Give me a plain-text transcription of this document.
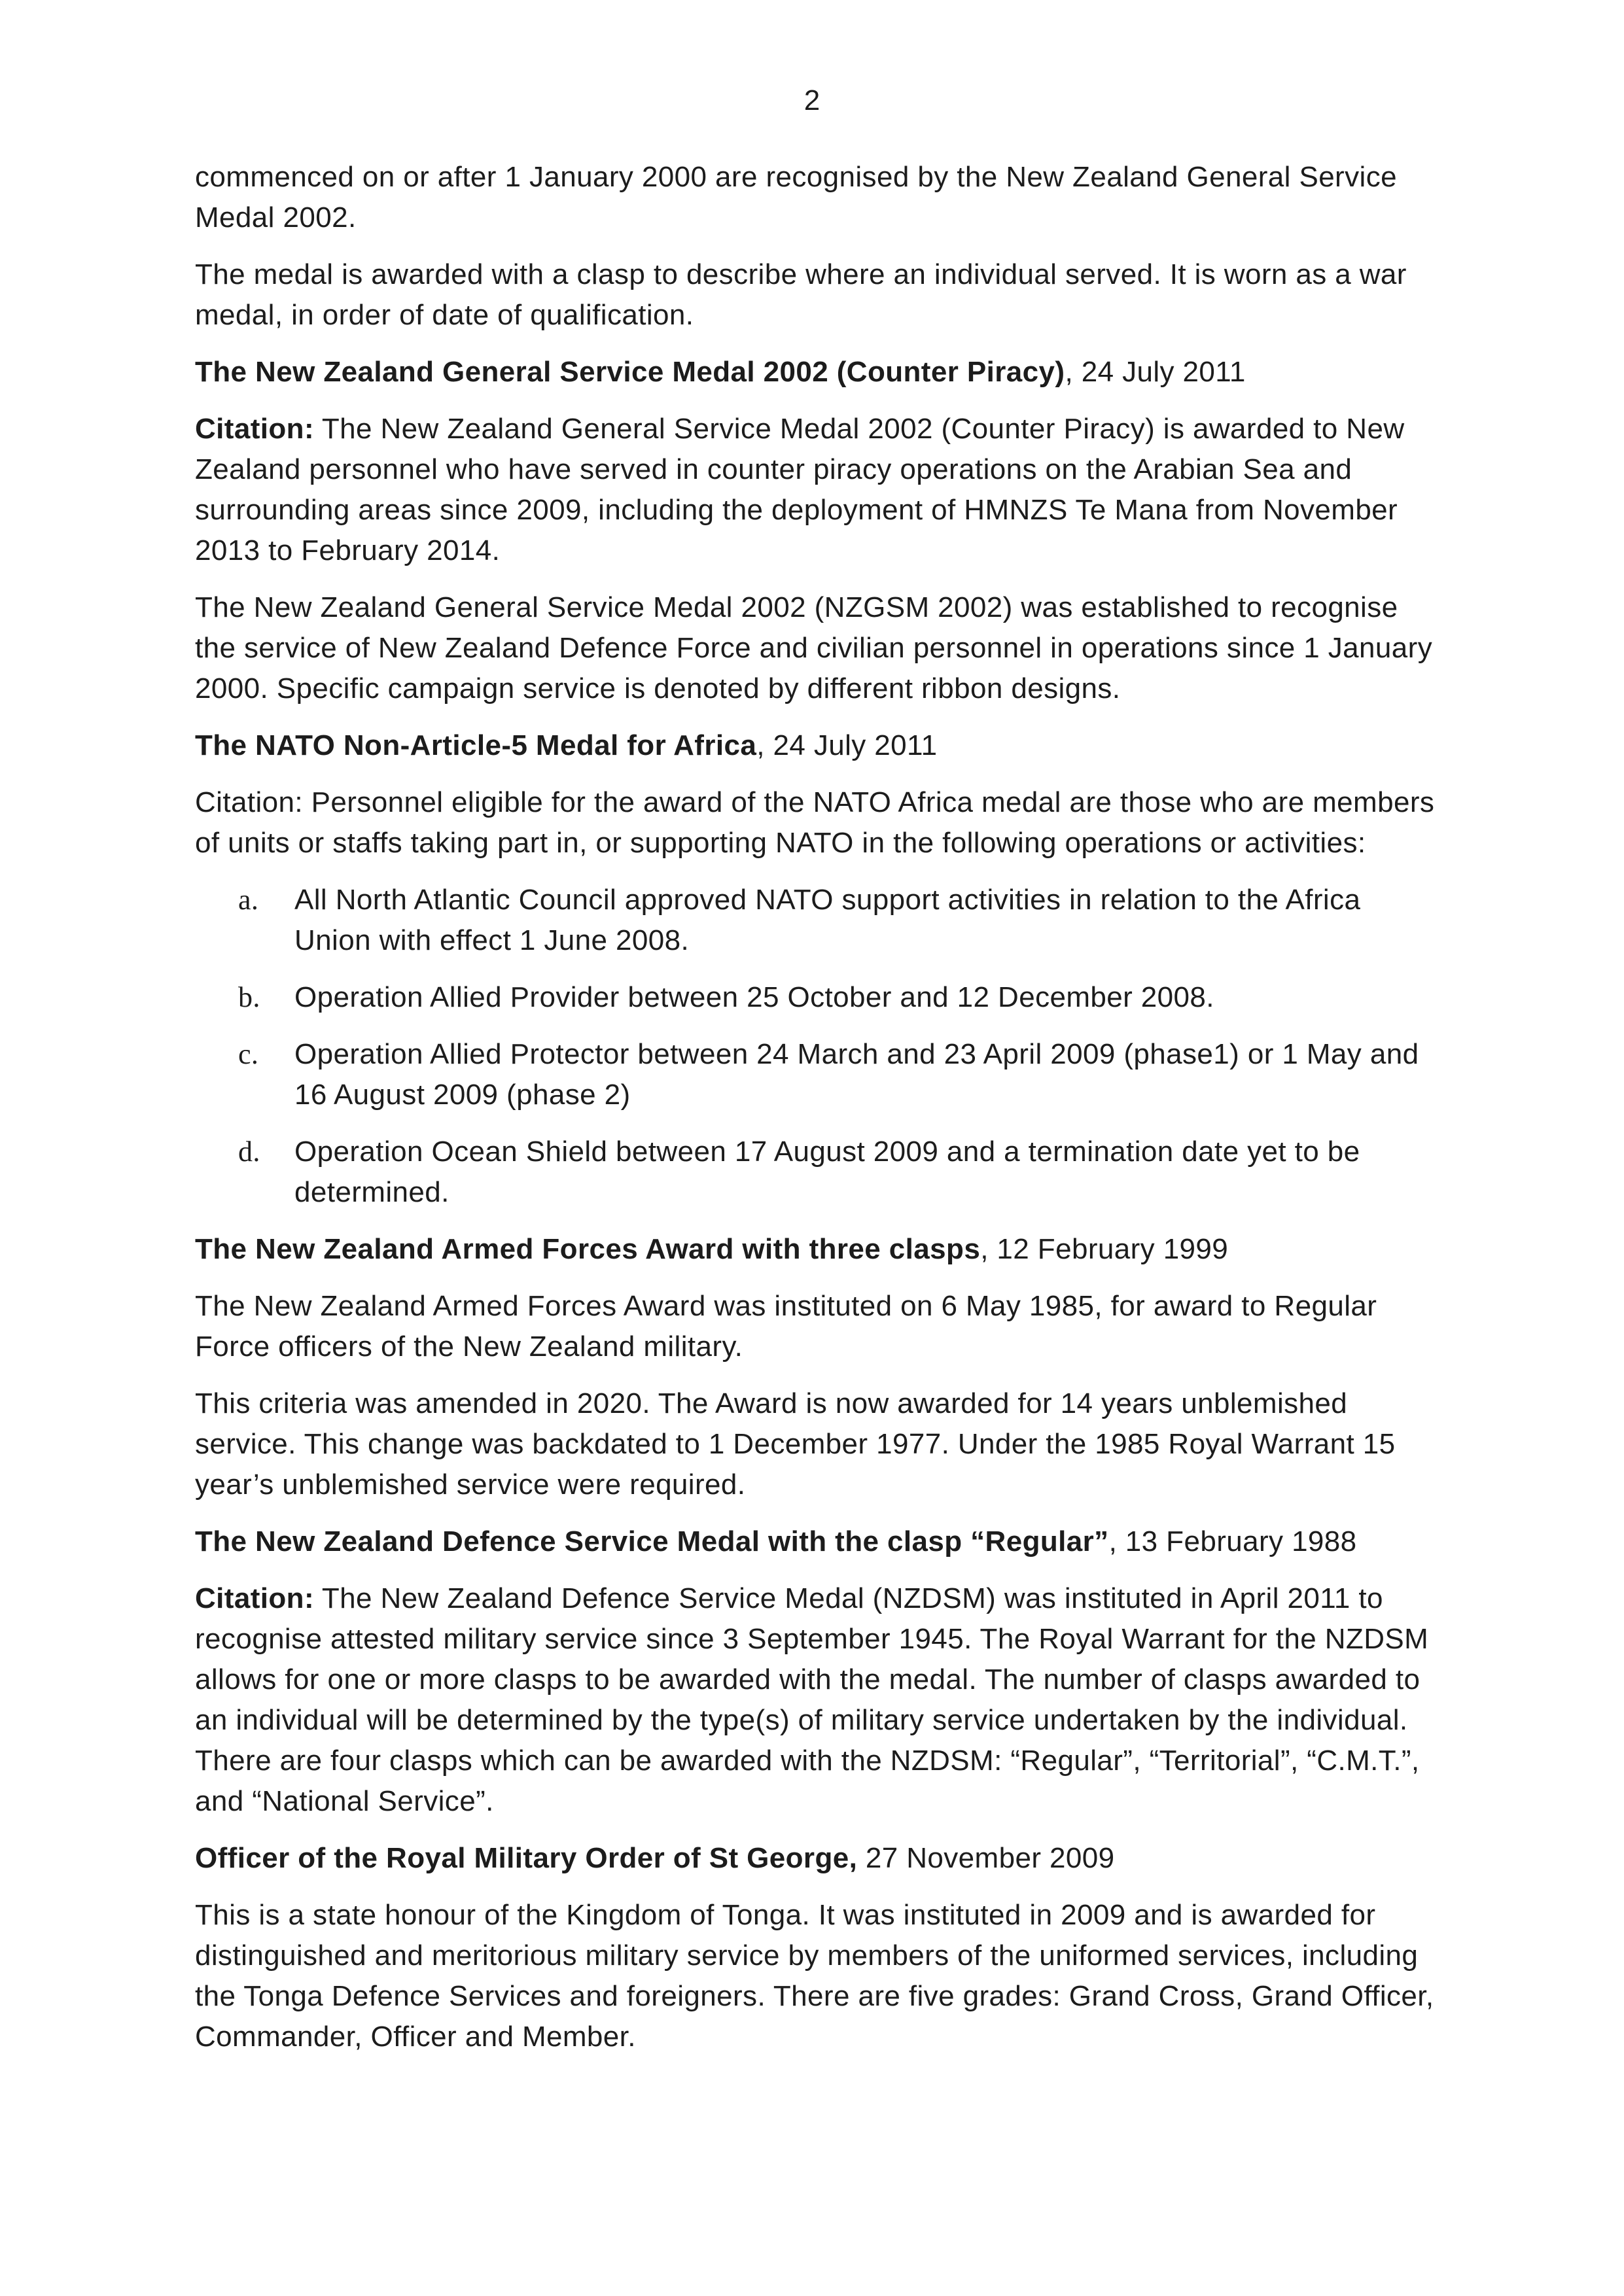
2

commenced on or after 1 January 2000 are recognised by the New Zealand General Service Medal 2002.

The medal is awarded with a clasp to describe where an individual served. It is worn as a war medal, in order of date of qualification.

The New Zealand General Service Medal 2002 (Counter Piracy), 24 July 2011

Citation: The New Zealand General Service Medal 2002 (Counter Piracy) is awarded to New Zealand personnel who have served in counter piracy operations on the Arabian Sea and surrounding areas since 2009, including the deployment of HMNZS Te Mana from November 2013 to February 2014.

The New Zealand General Service Medal 2002 (NZGSM 2002) was established to recognise the service of New Zealand Defence Force and civilian personnel in operations since 1 January 2000. Specific campaign service is denoted by different ribbon designs.

The NATO Non-Article-5 Medal for Africa, 24 July 2011

Citation: Personnel eligible for the award of the NATO Africa medal are those who are members of units or staffs taking part in, or supporting NATO in the following operations or activities:

a. All North Atlantic Council approved NATO support activities in relation to the Africa Union with effect 1 June 2008.
b. Operation Allied Provider between 25 October and 12 December 2008.
c. Operation Allied Protector between 24 March and 23 April 2009 (phase1) or 1 May and 16 August 2009 (phase 2)
d. Operation Ocean Shield between 17 August 2009 and a termination date yet to be determined.

The New Zealand Armed Forces Award with three clasps, 12 February 1999

The New Zealand Armed Forces Award was instituted on 6 May 1985, for award to Regular Force officers of the New Zealand military.

This criteria was amended in 2020. The Award is now awarded for 14 years unblemished service. This change was backdated to 1 December 1977. Under the 1985 Royal Warrant 15 year’s unblemished service were required.

The New Zealand Defence Service Medal with the clasp “Regular”, 13 February 1988

Citation: The New Zealand Defence Service Medal (NZDSM) was instituted in April 2011 to recognise attested military service since 3 September 1945. The Royal Warrant for the NZDSM allows for one or more clasps to be awarded with the medal. The number of clasps awarded to an individual will be determined by the type(s) of military service undertaken by the individual. There are four clasps which can be awarded with the NZDSM: “Regular”, “Territorial”, “C.M.T.”, and “National Service”.

Officer of the Royal Military Order of St George, 27 November 2009

This is a state honour of the Kingdom of Tonga. It was instituted in 2009 and is awarded for distinguished and meritorious military service by members of the uniformed services, including the Tonga Defence Services and foreigners. There are five grades: Grand Cross, Grand Officer, Commander, Officer and Member.
